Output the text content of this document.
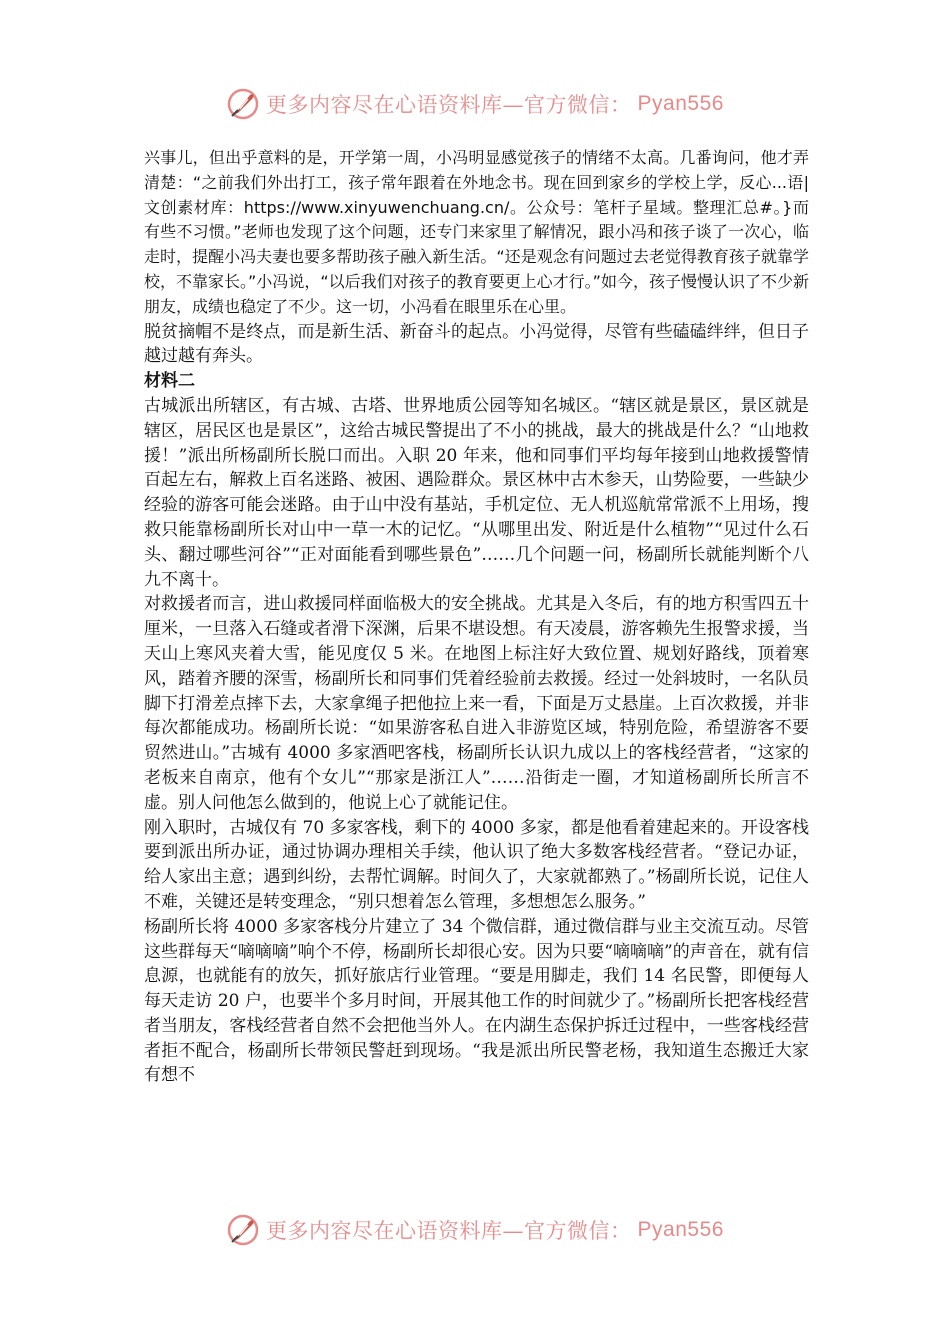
更多内容尽在心语资料库—官方微信： Pyan556

兴事儿，但出乎意料的是，开学第一周，小冯明显感觉孩子的情绪不太高。几番询问，他才弄清楚：“之前我们外出打工，孩子常年跟着在外地念书。现在回到家乡的学校上学，反心...语|文创素材库：https://www.xinyuwenchuang.cn/。公众号：笔杆子星域。整理汇总#。}而有些不习惯。”老师也发现了这个问题，还专门来家里了解情况，跟小冯和孩子谈了一次心，临走时，提醒小冯夫妻也要多帮助孩子融入新生活。“还是观念有问题过去老觉得教育孩子就靠学校，不靠家长。”小冯说，“以后我们对孩子的教育要更上心才行。”如今，孩子慢慢认识了不少新朋友，成绩也稳定了不少。这一切，小冯看在眼里乐在心里。

脱贫摘帽不是终点，而是新生活、新奋斗的起点。小冯觉得，尽管有些磕磕绊绊，但日子越过越有奔头。

材料二

古城派出所辖区，有古城、古塔、世界地质公园等知名城区。“辖区就是景区，景区就是辖区，居民区也是景区”，这给古城民警提出了不小的挑战，最大的挑战是什么？“山地救援！”派出所杨副所长脱口而出。入职 20 年来，他和同事们平均每年接到山地救援警情百起左右，解救上百名迷路、被困、遇险群众。景区林中古木参天，山势险要，一些缺少经验的游客可能会迷路。由于山中没有基站，手机定位、无人机巡航常常派不上用场，搜救只能靠杨副所长对山中一草一木的记忆。“从哪里出发、附近是什么植物”“见过什么石头、翻过哪些河谷”“正对面能看到哪些景色”……几个问题一问，杨副所长就能判断个八九不离十。

对救援者而言，进山救援同样面临极大的安全挑战。尤其是入冬后，有的地方积雪四五十厘米，一旦落入石缝或者滑下深渊，后果不堪设想。有天凌晨，游客赖先生报警求援，当天山上寒风夹着大雪，能见度仅 5 米。在地图上标注好大致位置、规划好路线，顶着寒风，踏着齐腰的深雪，杨副所长和同事们凭着经验前去救援。经过一处斜坡时，一名队员脚下打滑差点摔下去，大家拿绳子把他拉上来一看，下面是万丈悬崖。上百次救援，并非每次都能成功。杨副所长说：“如果游客私自进入非游览区域，特别危险，希望游客不要贸然进山。”古城有 4000 多家酒吧客栈，杨副所长认识九成以上的客栈经营者，“这家的老板来自南京，他有个女儿”“那家是浙江人”……沿街走一圈，才知道杨副所长所言不虚。别人问他怎么做到的，他说上心了就能记住。

刚入职时，古城仅有 70 多家客栈，剩下的 4000 多家，都是他看着建起来的。开设客栈要到派出所办证，通过协调办理相关手续，他认识了绝大多数客栈经营者。“登记办证，给人家出主意；遇到纠纷，去帮忙调解。时间久了，大家就都熟了。”杨副所长说，记住人不难，关键还是转变理念，“别只想着怎么管理，多想想怎么服务。”

杨副所长将 4000 多家客栈分片建立了 34 个微信群，通过微信群与业主交流互动。尽管这些群每天“嘀嘀嘀”响个不停，杨副所长却很心安。因为只要“嘀嘀嘀”的声音在，就有信息源，也就能有的放矢，抓好旅店行业管理。“要是用脚走，我们 14 名民警，即便每人每天走访 20 户，也要半个多月时间，开展其他工作的时间就少了。”杨副所长把客栈经营者当朋友，客栈经营者自然不会把他当外人。在内湖生态保护拆迁过程中，一些客栈经营者拒不配合，杨副所长带领民警赶到现场。“我是派出所民警老杨，我知道生态搬迁大家有想不

更多内容尽在心语资料库—官方微信： Pyan556
